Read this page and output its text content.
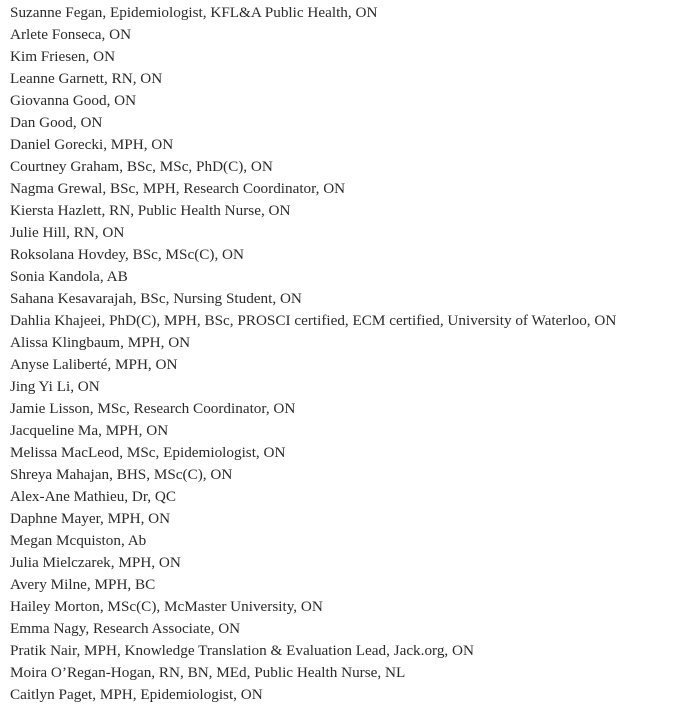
Suzanne Fegan, Epidemiologist, KFL&A Public Health, ON
Arlete Fonseca, ON
Kim Friesen, ON
Leanne Garnett, RN, ON
Giovanna Good, ON
Dan Good, ON
Daniel Gorecki, MPH, ON
Courtney Graham, BSc, MSc, PhD(C), ON
Nagma Grewal, BSc, MPH, Research Coordinator, ON
Kiersta Hazlett, RN, Public Health Nurse, ON
Julie Hill, RN, ON
Roksolana Hovdey, BSc, MSc(C), ON
Sonia Kandola, AB
Sahana Kesavarajah, BSc, Nursing Student, ON
Dahlia Khajeei, PhD(C), MPH, BSc, PROSCI certified, ECM certified, University of Waterloo, ON
Alissa Klingbaum, MPH, ON
Anyse Laliberté, MPH, ON
Jing Yi Li, ON
Jamie Lisson, MSc, Research Coordinator, ON
Jacqueline Ma, MPH, ON
Melissa MacLeod, MSc, Epidemiologist, ON
Shreya Mahajan, BHS, MSc(C), ON
Alex-Ane Mathieu, Dr, QC
Daphne Mayer, MPH, ON
Megan Mcquiston, Ab
Julia Mielczarek, MPH, ON
Avery Milne, MPH, BC
Hailey Morton, MSc(C), McMaster University, ON
Emma Nagy, Research Associate, ON
Pratik Nair, MPH, Knowledge Translation & Evaluation Lead, Jack.org, ON
Moira O’Regan-Hogan, RN, BN, MEd, Public Health Nurse, NL
Caitlyn Paget, MPH, Epidemiologist, ON
